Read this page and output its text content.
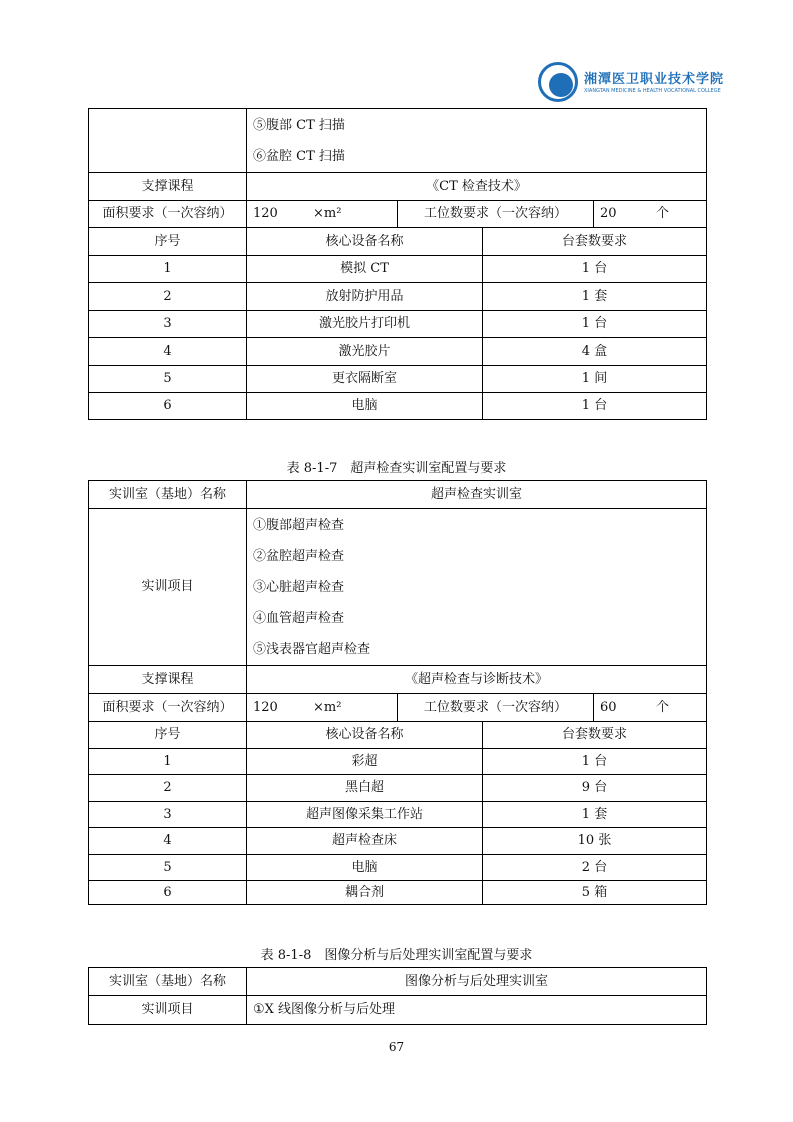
湘潭医卫职业技术学院
XIANGTAN MEDICINE & HEALTH VOCATIONAL COLLEGE

	⑤腹部 CT 扫描
⑥盆腔 CT 扫描			

支撑课程	《CT 检查技术》			
面积要求（一次容纳）	120 ×m²	工位数要求（一次容纳）		20 个
序号	核心设备名称		台套数要求	
1	模拟 CT		1 台	
2	放射防护用品		1 套	
3	激光胶片打印机		1 台	
4	激光胶片		4 盒	
5	更衣隔断室		1 间	
6	电脑		1 台	
表 8-1-7　超声检查实训室配置与要求
实训室（基地）名称	超声检查实训室			
实训项目	①腹部超声检查
②盆腔超声检查
③心脏超声检查
④血管超声检查
⑤浅表器官超声检查			

支撑课程	《超声检查与诊断技术》			
面积要求（一次容纳）	120 ×m²	工位数要求（一次容纳）		60 个
序号	核心设备名称		台套数要求	
1	彩超		1 台	
2	黑白超		9 台	
3	超声图像采集工作站		1 套	
4	超声检查床		10 张	
5	电脑		2 台	
6	耦合剂		5 箱	
表 8-1-8　图像分析与后处理实训室配置与要求
实训室（基地）名称	图像分析与后处理实训室
实训项目	①X 线图像分析与后处理
67
